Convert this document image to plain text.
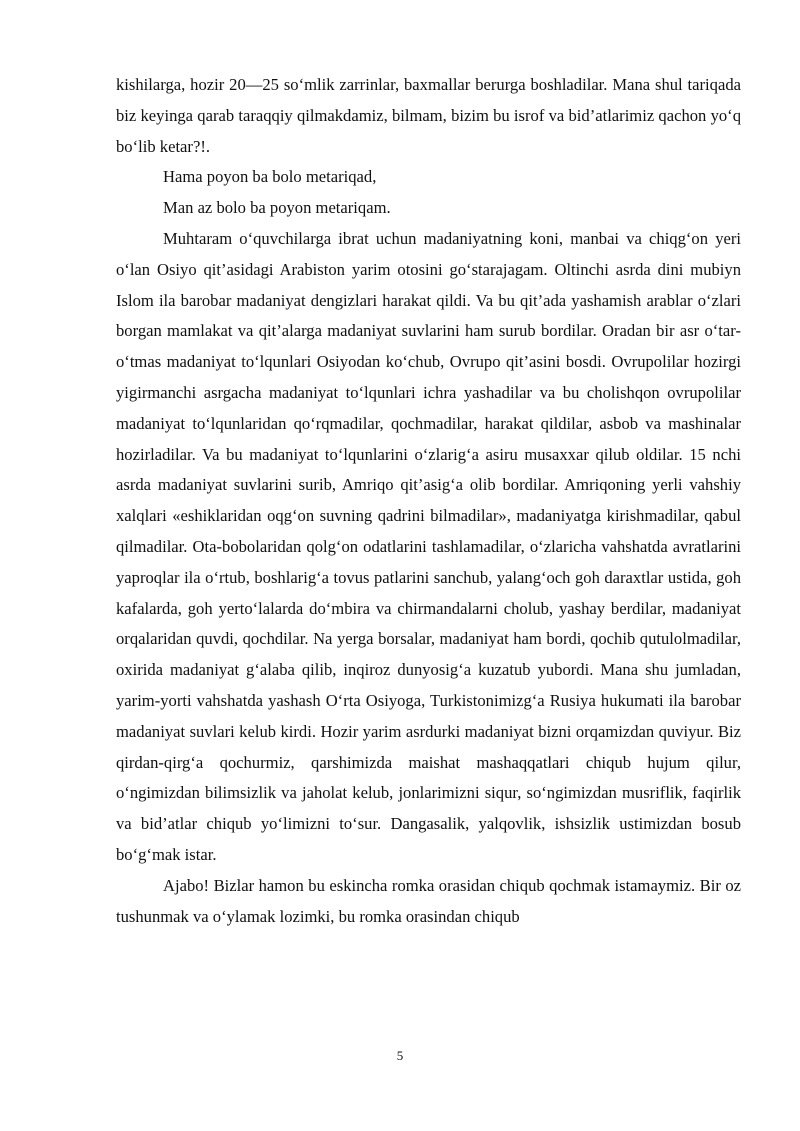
kishilarga, hozir 20—25 so‘mlik zarrinlar, baxmallar berurga boshladilar. Mana shul tariqada biz keyinga qarab taraqqiy qilmakdamiz, bilmam, bizim bu isrof va bid’atlarimiz qachon yo‘q bo‘lib ketar?!.

Hama poyon ba bolo metariqad,

Man az bolo ba poyon metariqam.

Muhtaram o‘quvchilarga ibrat uchun madaniyatning koni, manbai va chiqg‘on yeri o‘lan Osiyo qit’asidagi Arabiston yarim otosini go‘starajagam. Oltinchi asrda dini mubiyn Islom ila barobar madaniyat dengizlari harakat qildi. Va bu qit’ada yashamish arablar o‘zlari borgan mamlakat va qit’alarga madaniyat suvlarini ham surub bordilar. Oradan bir asr o‘tar-o‘tmas madaniyat to‘lqunlari Osiyodan ko‘chub, Ovrupo qit’asini bosdi. Ovrupolilar hozirgi yigirmanchi asrgacha madaniyat to‘lqunlari ichra yashadilar va bu cholishqon ovrupolilar madaniyat to‘lqunlaridan qo‘rqmadilar, qochmadilar, harakat qildilar, asbob va mashinalar hozirladilar. Va bu madaniyat to‘lqunlarini o‘zlarig‘a asiru musaxxar qilub oldilar. 15 nchi asrda madaniyat suvlarini surib, Amriqo qit’asig‘a olib bordilar. Amriqoning yerli vahshiy xalqlari «eshiklaridan oqg‘on suvning qadrini bilmadilar», madaniyatga kirishmadilar, qabul qilmadilar. Ota-bobolaridan qolg‘on odatlarini tashlamadilar, o‘zlaricha vahshatda avratlarini yaproqlar ila o‘rtub, boshlarig‘a tovus patlarini sanchub, yalang‘och goh daraxtlar ustida, goh kafalarda, goh yerto‘lalarda do‘mbira va chirmandalarni cholub, yashay berdilar, madaniyat orqalaridan quvdi, qochdilar. Na yerga borsalar, madaniyat ham bordi, qochib qutulolmadilar, oxirida madaniyat g‘alaba qilib, inqiroz dunyosig‘a kuzatub yubordi. Mana shu jumladan, yarim-yorti vahshatda yashash O‘rta Osiyoga, Turkistonimizg‘a Rusiya hukumati ila barobar madaniyat suvlari kelub kirdi. Hozir yarim asrdurki madaniyat bizni orqamizdan quviyur. Biz qirdan-qirg‘a qochurmiz, qarshimizda maishat mashaqqatlari chiqub hujum qilur, o‘ngimizdan bilimsizlik va jaholat kelub, jonlarimizni siqur, so‘ngimizdan musriflik, faqirlik va bid’atlar chiqub yo‘limizni to‘sur. Dangasalik, yalqovlik, ishsizlik ustimizdan bosub bo‘g‘mak istar.

Ajabo! Bizlar hamon bu eskincha romka orasidan chiqub qochmak istamaymiz. Bir oz tushunmak va o‘ylamak lozimki, bu romka orasindan chiqub

5
